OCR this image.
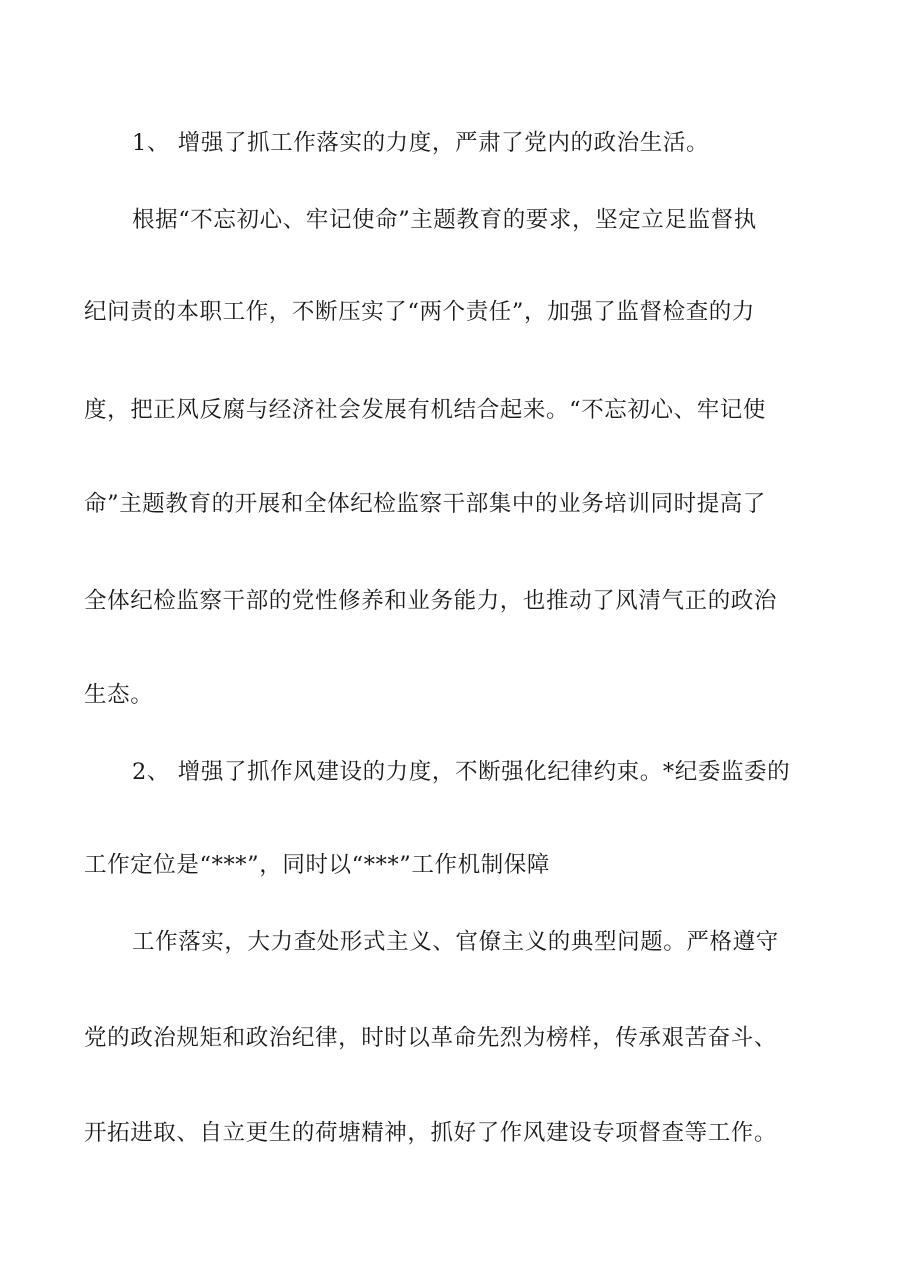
1、 增强了抓工作落实的力度，严肃了党内的政治生活。
根据“不忘初心、牢记使命”主题教育的要求，坚定立足监督执
纪问责的本职工作，不断压实了“两个责任”，加强了监督检查的力
度，把正风反腐与经济社会发展有机结合起来。“不忘初心、牢记使
命”主题教育的开展和全体纪检监察干部集中的业务培训同时提高了
全体纪检监察干部的党性修养和业务能力，也推动了风清气正的政治
生态。
2、 增强了抓作风建设的力度，不断强化纪律约束。*纪委监委的
工作定位是“***”，同时以“***”工作机制保障
工作落实，大力查处形式主义、官僚主义的典型问题。严格遵守
党的政治规矩和政治纪律，时时以革命先烈为榜样，传承艰苦奋斗、
开拓进取、自立更生的荷塘精神，抓好了作风建设专项督查等工作。
